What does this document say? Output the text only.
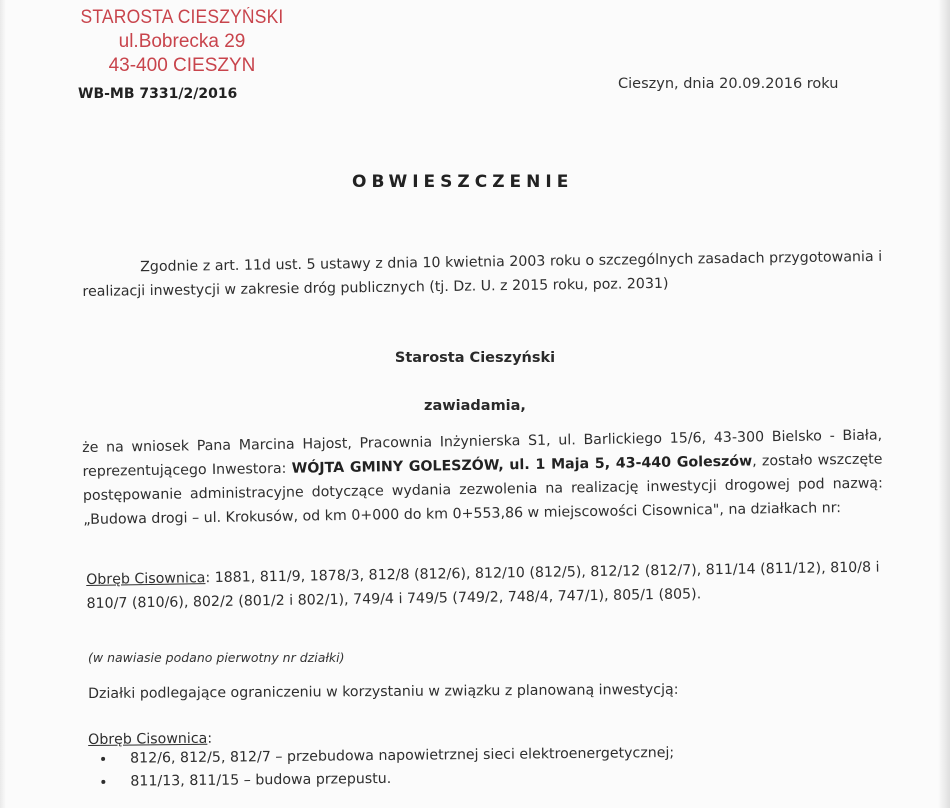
STAROSTA CIESZYŃSKI
ul.Bobrecka 29
43-400 CIESZYN
WB-MB 7331/2/2016
Cieszyn, dnia 20.09.2016 roku
OBWIESZCZENIE
Zgodnie z art. 11d ust. 5 ustawy z dnia 10 kwietnia 2003 roku o szczególnych zasadach przygotowania i realizacji inwestycji w zakresie dróg publicznych (tj. Dz. U. z 2015 roku, poz. 2031)
Starosta Cieszyński
zawiadamia,
że na wniosek Pana Marcina Hajost, Pracownia Inżynierska S1, ul. Barlickiego 15/6, 43-300 Bielsko - Biała, reprezentującego Inwestora: WÓJTA GMINY GOLESZÓW, ul. 1 Maja 5, 43-440 Goleszów, zostało wszczęte postępowanie administracyjne dotyczące wydania zezwolenia na realizację inwestycji drogowej pod nazwą: „Budowa drogi – ul. Krokusów, od km 0+000 do km 0+553,86 w miejscowości Cisownica", na działkach nr:
Obręb Cisownica: 1881, 811/9, 1878/3, 812/8 (812/6), 812/10 (812/5), 812/12 (812/7), 811/14 (811/12), 810/8 i 810/7 (810/6), 802/2 (801/2 i 802/1), 749/4 i 749/5 (749/2, 748/4, 747/1), 805/1 (805).
(w nawiasie podano pierwotny nr działki)
Działki podlegające ograniczeniu w korzystaniu w związku z planowaną inwestycją:
Obręb Cisownica:
• 812/6, 812/5, 812/7 – przebudowa napowietrznej sieci elektroenergetycznej;
• 811/13, 811/15 – budowa przepustu.
